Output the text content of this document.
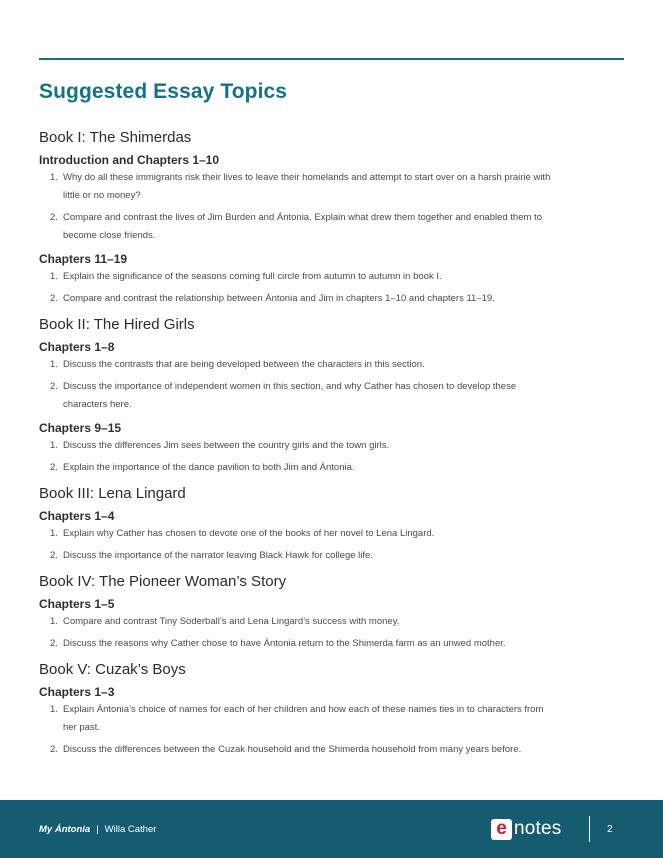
Suggested Essay Topics
Book I: The Shimerdas
Introduction and Chapters 1–10
1. Why do all these immigrants risk their lives to leave their homelands and attempt to start over on a harsh prairie with
little or no money?
2. Compare and contrast the lives of Jim Burden and Ántonia. Explain what drew them together and enabled them to
become close friends.
Chapters 11–19
1. Explain the significance of the seasons coming full circle from autumn to autumn in book I.
2. Compare and contrast the relationship between Ántonia and Jim in chapters 1–10 and chapters 11–19.
Book II: The Hired Girls
Chapters 1–8
1. Discuss the contrasts that are being developed between the characters in this section.
2. Discuss the importance of independent women in this section, and why Cather has chosen to develop these
characters here.
Chapters 9–15
1. Discuss the differences Jim sees between the country girls and the town girls.
2. Explain the importance of the dance pavilion to both Jim and Ántonia.
Book III: Lena Lingard
Chapters 1–4
1. Explain why Cather has chosen to devote one of the books of her novel to Lena Lingard.
2. Discuss the importance of the narrator leaving Black Hawk for college life.
Book IV: The Pioneer Woman’s Story
Chapters 1–5
1. Compare and contrast Tiny Soderball’s and Lena Lingard’s success with money.
2. Discuss the reasons why Cather chose to have Ántonia return to the Shimerda farm as an unwed mother.
Book V: Cuzak’s Boys
Chapters 1–3
1. Explain Ántonia’s choice of names for each of her children and how each of these names ties in to characters from
her past.
2. Discuss the differences between the Cuzak household and the Shimerda household from many years before.
My Ántonia | Willa Cather	e notes	2
